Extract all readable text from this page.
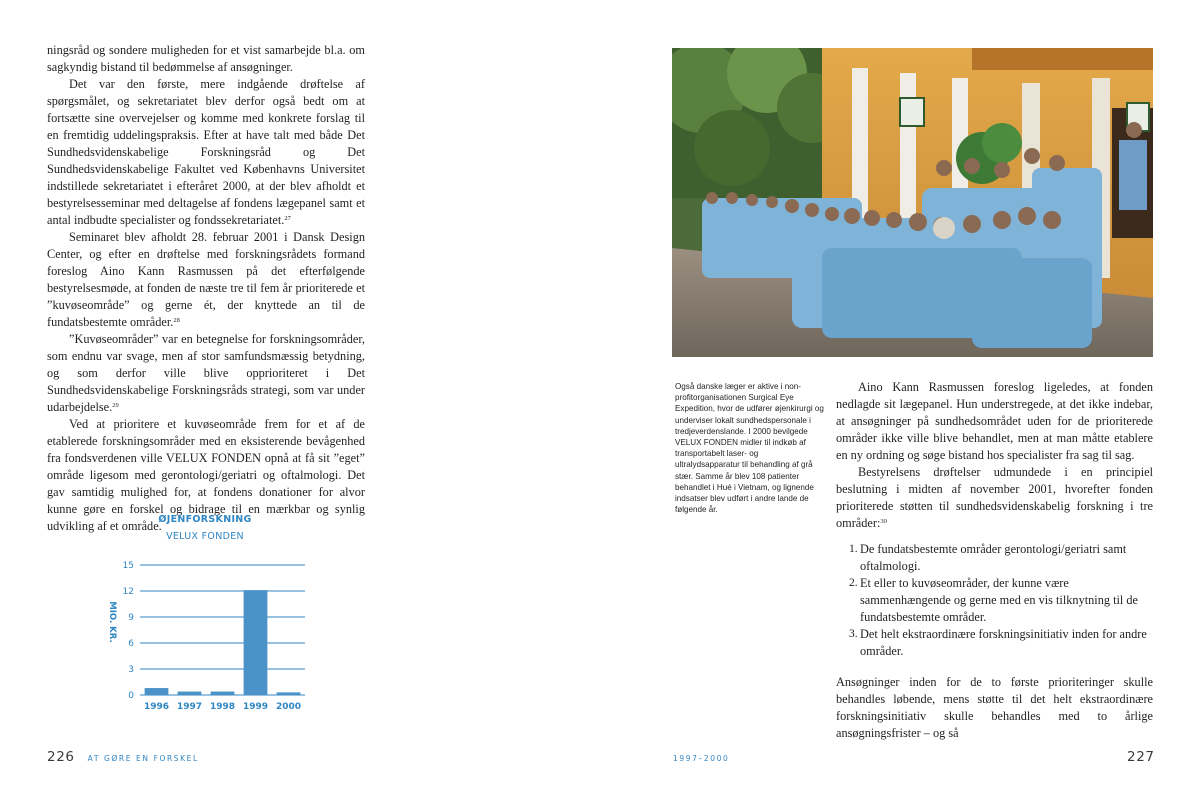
ningsråd og sondere muligheden for et vist samarbejde bl.a. om sagkyndig bistand til bedømmelse af ansøgninger.

Det var den første, mere indgående drøftelse af spørgsmålet, og sekretariatet blev derfor også bedt om at fortsætte sine overvejelser og komme med konkrete forslag til en fremtidig uddelingspraksis. Efter at have talt med både Det Sundhedsvidenskabelige Forskningsråd og Det Sundhedsvidenskabelige Fakultet ved Københavns Universitet indstillede sekretariatet i efteråret 2000, at der blev afholdt et bestyrelsesseminar med deltagelse af fondens lægepanel samt et antal indbudte specialister og fondssekretariatet.$^{27}$

Seminaret blev afholdt 28. februar 2001 i Dansk Design Center, og efter en drøftelse med forskningsrådets formand foreslog Aino Kann Rasmussen på det efterfølgende bestyrelsesmøde, at fonden de næste tre til fem år prioriterede et ”kuvøseområde” og gerne ét, der knyttede an til de fundatsbestemte områder.$^{28}$

”Kuvøseområder” var en betegnelse for forskningsområder, som endnu var svage, men af stor samfundsmæssig betydning, og som derfor ville blive opprioriteret i Det Sundhedsvidenskabelige Forskningsråds strategi, som var under udarbejdelse.$^{29}$

Ved at prioritere et kuvøseområde frem for et af de etablerede forskningsområder med en eksisterende bevågenhed fra fondsverdenen ville VELUX FONDEN opnå at få sit ”eget” område ligesom med gerontologi/geriatri og oftalmologi. Det gav samtidig mulighed for, at fondens donationer for alvor kunne gøre en forskel og bidrage til en mærkbar og synlig udvikling af et område.

ØJENFORSKNING
VELUX FONDEN
0
3
6
9
12
15
MIO. KR.
1996 1997 1998 1999 2000
226 AT GØRE EN FORSKEL
Også danske læger er aktive i non-profitorganisationen Surgical Eye Expedition, hvor de udfører øjenkirurgi og underviser lokalt sundhedspersonale i tredjeverdenslande. I 2000 bevilgede VELUX FONDEN midler til indkøb af transportabelt laser- og ultralydsapparatur til behandling af grå stær. Samme år blev 108 patienter behandlet i Hué i Vietnam, og lignende indsatser blev udført i andre lande de følgende år.

Aino Kann Rasmussen foreslog ligeledes, at fonden nedlagde sit lægepanel. Hun understregede, at det ikke indebar, at ansøgninger på sundhedsområdet uden for de prioriterede områder ikke ville blive behandlet, men at man måtte etablere en ny ordning og søge bistand hos specialister fra sag til sag.

Bestyrelsens drøftelser udmundede i en principiel beslutning i midten af november 2001, hvorefter fonden prioriterede støtten til sundhedsvidenskabelig forskning i tre områder:$^{30}$

1. De fundatsbestemte områder gerontologi/geriatri samt oftalmologi.
2. Et eller to kuvøseområder, der kunne være sammenhængende og gerne med en vis tilknytning til de fundatsbestemte områder.
3. Det helt ekstraordinære forskningsinitiativ inden for andre områder.

Ansøgninger inden for de to første prioriteringer skulle behandles løbende, mens støtte til det helt ekstraordinære forskningsinitiativ skulle behandles med to årlige ansøgningsfrister – og så

1997–2000	227
